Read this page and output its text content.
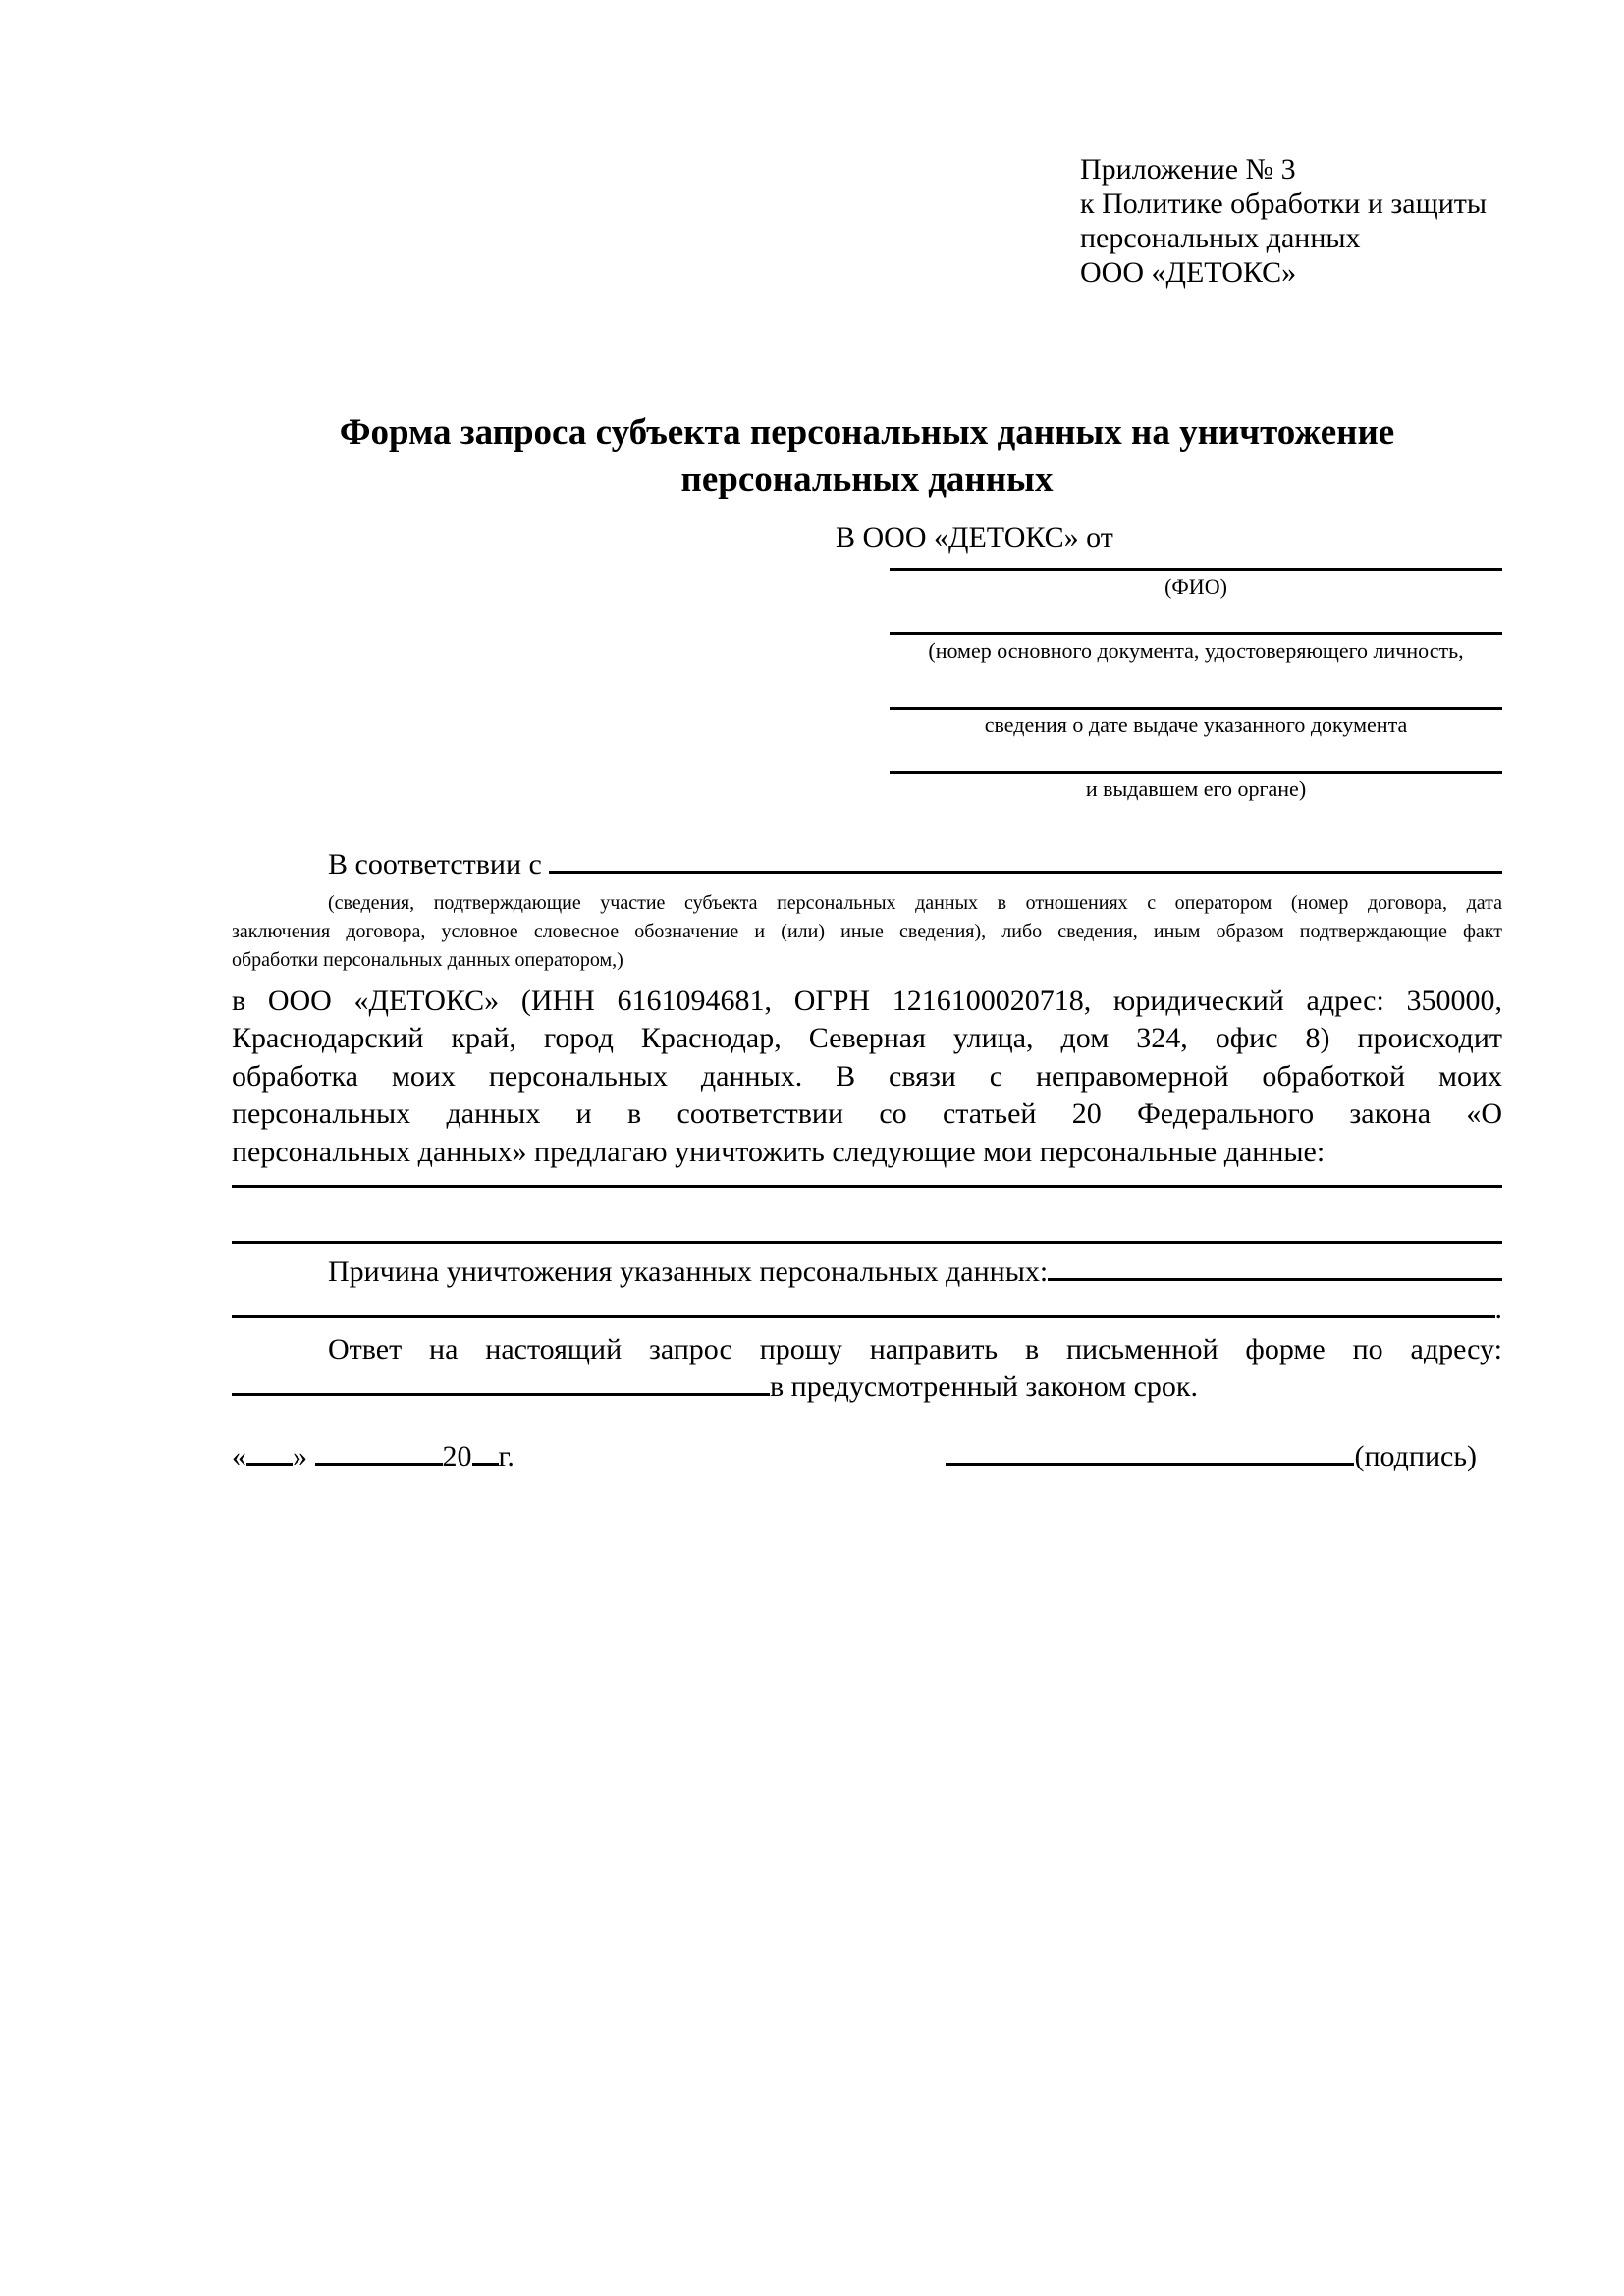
Приложение № 3
к Политике обработки и защиты
персональных данных
ООО «ДЕТОКС»
Форма запроса субъекта персональных данных на уничтожение
персональных данных
В ООО «ДЕТОКС» от
(ФИО)
(номер основного документа, удостоверяющего личность,
сведения о дате выдаче указанного документа
и выдавшем его органе)
В соответствии с
(сведения, подтверждающие участие субъекта персональных данных в отношениях с оператором (номер договора, дата
заключения договора, условное словесное обозначение и (или) иные сведения), либо сведения, иным образом подтверждающие факт
обработки персональных данных оператором,)
в ООО «ДЕТОКС» (ИНН 6161094681, ОГРН 1216100020718, юридический адрес: 350000,
Краснодарский край, город Краснодар, Северная улица, дом 324, офис 8) происходит
обработка моих персональных данных. В связи с неправомерной обработкой моих
персональных данных и в соответствии со статьей 20 Федерального закона «О
персональных данных» предлагаю уничтожить следующие мои персональные данные:
Причина уничтожения указанных персональных данных:
.
Ответ на настоящий запрос прошу направить в письменной форме по адресу:
в предусмотренный законом срок.
« »
	20 г.	(подпись)
